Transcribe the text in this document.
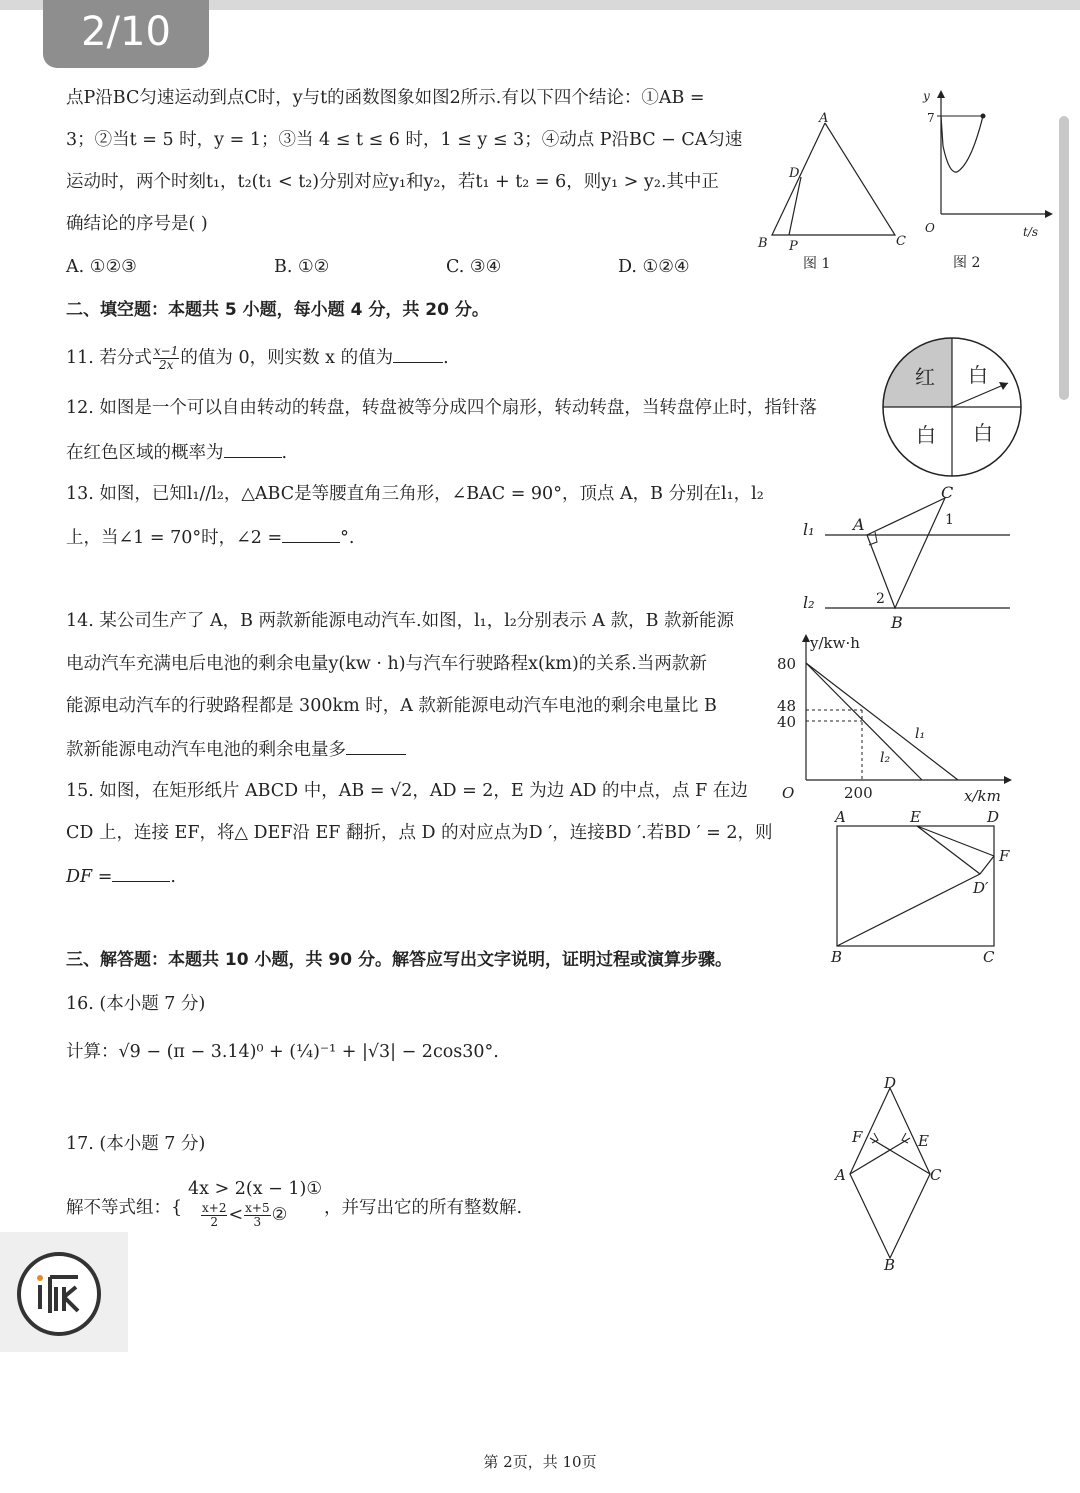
2/10
点P沿BC匀速运动到点C时，y与t的函数图象如图2所示.有以下四个结论：①AB =
3；②当t = 5 时，y = 1；③当 4 ≤ t ≤ 6 时，1 ≤ y ≤ 3；④动点 P沿BC − CA匀速
运动时，两个时刻t₁，t₂(t₁ < t₂)分别对应y₁和y₂，若t₁ + t₂ = 6，则y₁ > y₂.其中正
确结论的序号是( )
A. ①②③	B. ①②	C. ③④	D. ①②④
A
B	C
D
P
图 1
y
7
O	t/s
图 2
二、填空题：本题共 5 小题，每小题 4 分，共 20 分。
11. 若分式 $\frac{x-1}{2x}$ 的值为 0，则实数 x 的值为	.
12. 如图是一个可以自由转动的转盘，转盘被等分成四个扇形，转动转盘，当转盘停止时，指针落
在红色区域的概率为	.
红 白
白 白
13. 如图，已知l₁//l₂，△ABC是等腰直角三角形，∠BAC = 90°，顶点 A，B 分别在l₁，l₂
上，当∠1 = 70°时，∠2 =	°.
C
A
B
1
2
l₁
l₂
14. 某公司生产了 A，B 两款新能源电动汽车.如图，l₁，l₂分别表示 A 款，B 款新能源
电动汽车充满电后电池的剩余电量y(kw · h)与汽车行驶路程x(km)的关系.当两款新
能源电动汽车的行驶路程都是 300km 时，A 款新能源电动汽车电池的剩余电量比 B
款新能源电动汽车电池的剩余电量多
y/kw·h
80
48
40
O	200	x/km
l₁
l₂
15. 如图，在矩形纸片 ABCD 中，AB = √2，AD = 2，E 为边 AD 的中点，点 F 在边
CD 上，连接 EF，将△ DEF沿 EF 翻折，点 D 的对应点为D ′，连接BD ′.若BD ′ = 2，则
DF =	.
A	E	D
F
D′
B	C
三、解答题：本题共 10 小题，共 90 分。解答应写出文字说明，证明过程或演算步骤。
16. (本小题 7 分)
计算：√9 − (π − 3.14)⁰ + (¼)⁻¹ + |√3| − 2cos30°.
17. (本小题 7 分)
解不等式组：{
4x > 2(x − 1)①
$\frac{x+2}{2} < \frac{x+5}{3}$ ② ，并写出它的所有整数解.
D
F	E
A	C
B
第 2页，共 10页
